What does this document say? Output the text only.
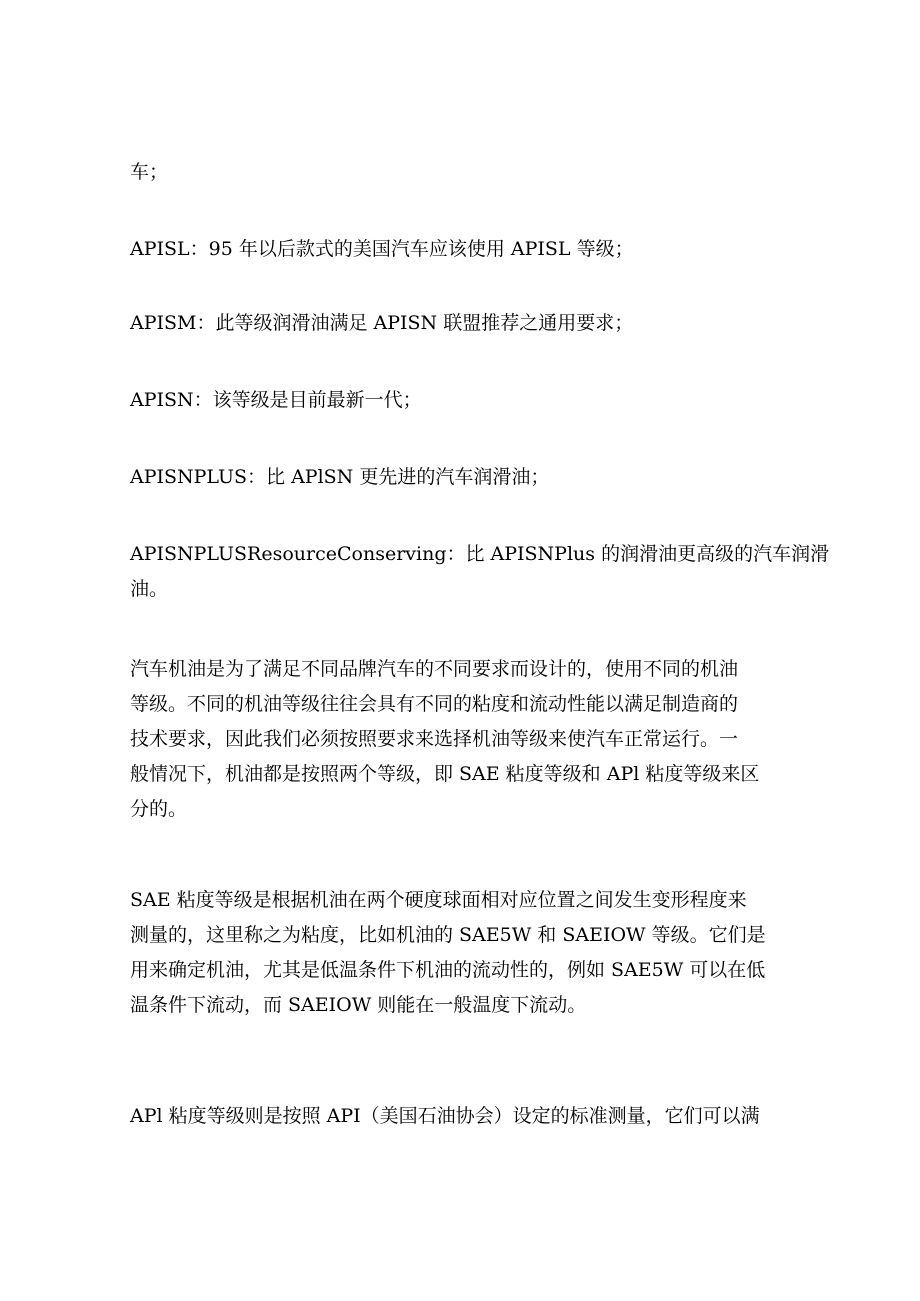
车；

APISL：95 年以后款式的美国汽车应该使用 APISL 等级；

APISM：此等级润滑油满足 APISN 联盟推荐之通用要求；

APISN：该等级是目前最新一代；

APISNPLUS：比 APlSN 更先进的汽车润滑油；

APISNPLUSResourceConserving：比 APISNPlus 的润滑油更高级的汽车润滑
油。

汽车机油是为了满足不同品牌汽车的不同要求而设计的，使用不同的机油
等级。不同的机油等级往往会具有不同的粘度和流动性能以满足制造商的
技术要求，因此我们必须按照要求来选择机油等级来使汽车正常运行。一
般情况下，机油都是按照两个等级，即 SAE 粘度等级和 APl 粘度等级来区
分的。

SAE 粘度等级是根据机油在两个硬度球面相对应位置之间发生变形程度来
测量的，这里称之为粘度，比如机油的 SAE5W 和 SAEIOW 等级。它们是
用来确定机油，尤其是低温条件下机油的流动性的，例如 SAE5W 可以在低
温条件下流动，而 SAEIOW 则能在一般温度下流动。

APl 粘度等级则是按照 API（美国石油协会）设定的标准测量，它们可以满
